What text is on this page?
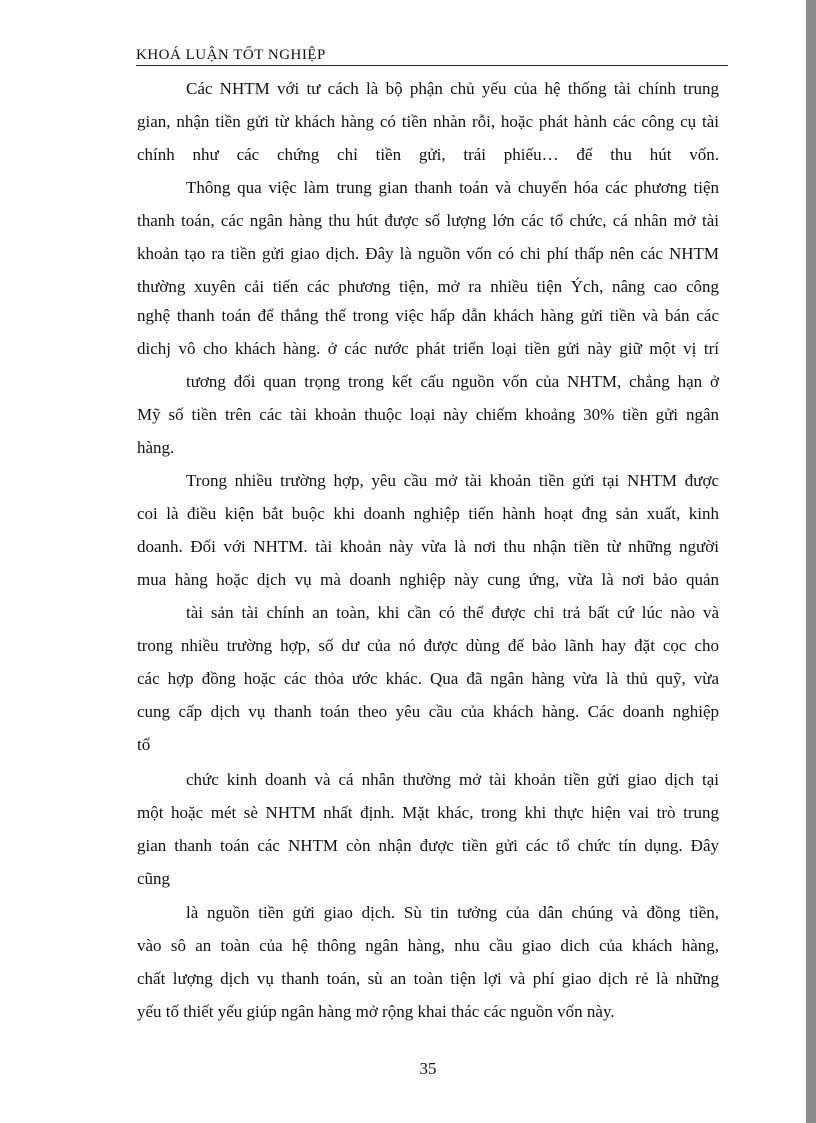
KHOÁ LUẬN TỐT NGHIỆP
Các NHTM với tư cách là bộ phận chủ yếu của hệ thống tài chính trung
gian, nhận tiền gửi từ khách hàng có tiền nhàn rỗi, hoặc phát hành các công cụ tài
chính như các chứng chỉ tiền gửi, trái phiếu… để thu hút vốn.
Thông qua việc làm trung gian thanh toán và chuyển hóa các phương tiện
thanh toán, các ngân hàng thu hút được số lượng lớn các tổ chức, cá nhân mở tài
khoản tạo ra tiền gửi giao dịch. Đây là nguồn vốn có chi phí thấp nên các NHTM
thường xuyên cải tiến các phương tiện, mở ra nhiều tiện Ých, nâng cao công
nghệ thanh toán để thắng thế trong việc hấp dẫn khách hàng gửi tiền và bán các
dichj vô cho khách hàng. ở các nước phát triển loại tiền gửi này giữ một vị trí
tương đối quan trọng trong kết cấu nguồn vốn của NHTM, chẳng hạn ở
Mỹ số tiền trên các tài khoản thuộc loại này chiếm khoảng 30% tiền gửi ngân
hàng.
Trong nhiều trường hợp, yêu cầu mở tài khoản tiền gửi tại NHTM được
coi là điều kiện bắt buộc khi doanh nghiệp tiến hành hoạt đng sản xuất, kinh
doanh. Đối với NHTM. tài khoản này vừa là nơi thu nhận tiền từ những người
mua hàng hoặc dịch vụ mà doanh nghiệp này cung ứng, vừa là nơi bảo quản
tài sản tài chính an toàn, khi cần có thể được chi trả bất cứ lúc nào và
trong nhiều trường hợp, số dư của nó được dùng để bảo lãnh hay đặt cọc cho
các hợp đồng hoặc các thỏa ước khác. Qua đã ngân hàng vừa là thủ quỹ, vừa
cung cấp dịch vụ thanh toán theo yêu cầu của khách hàng. Các doanh nghiệp
tổ
chức kinh doanh và cá nhân thường mở tài khoản tiền gửi giao dịch tại
một hoặc mét sè NHTM nhất định. Mặt khác, trong khi thực hiện vai trò trung
gian thanh toán các NHTM còn nhận được tiền gửi các tổ chức tín dụng. Đây
cũng
là nguồn tiền gửi giao dịch. Sù tin tưởng của dân chúng và đồng tiền,
vào sô an toàn của hệ thông ngân hàng, nhu cầu giao dich của khách hàng,
chất lượng dịch vụ thanh toán, sù an toàn tiện lợi và phí giao dịch rẻ là những
yếu tố thiết yếu giúp ngân hàng mở rộng khai thác các nguồn vốn này.
35
